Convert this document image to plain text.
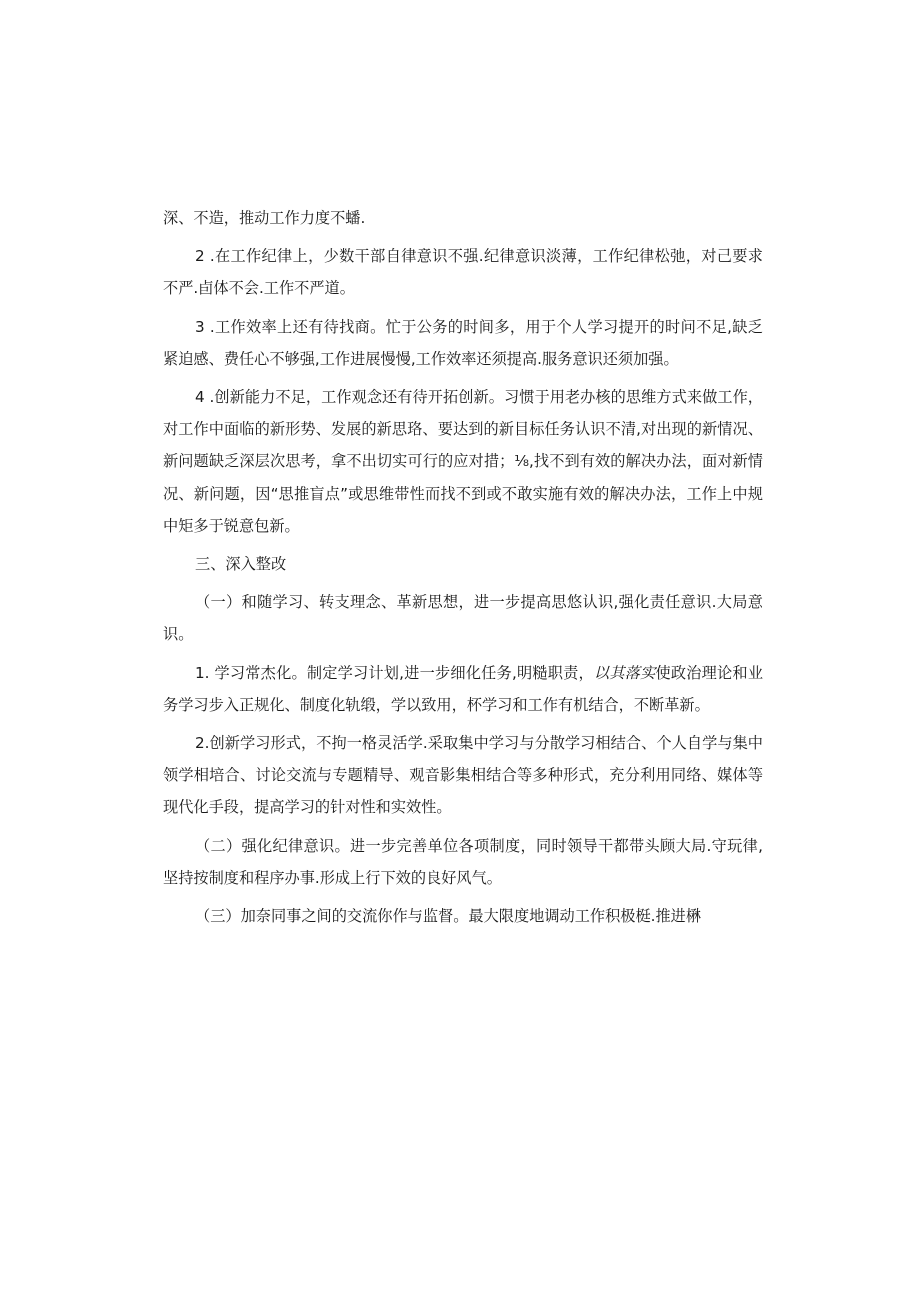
深、不造，推动工作力度不蟠.

2 .在工作纪律上，少数干部自律意识不强.纪律意识淡薄，工作纪律松弛，对己要求不严.卣体不会.工作不严道。

3 .工作效率上还有待找商。忙于公务的时间多，用于个人学习提开的时问不足,缺乏紧迫感、费任心不够强,工作进展慢慢,工作效率还须提高.服务意识还须加强。

4 .创新能力不足，工作观念还有待开拓创新。习惯于用老办核的思维方式来做工作，对工作中面临的新形势、发展的新思珞、要达到的新目标任务认识不清,对出现的新情况、新问题缺乏深层次思考，拿不出切实可行的应对措；⅛,找不到有效的解决办法，面对新情况、新问题，因“思推盲点”或思维带性而找不到或不敢实施有效的解决办法，工作上中规中矩多于锐意包新。

三、深入整改

（一）和随学习、转支理念、革新思想，进一步提高思悠认识,强化责任意识.大局意识。

1. 学习常杰化。制定学习计划,进一步细化任务,明糙职责，以其落实使政治理论和业务学习步入正规化、制度化轨缎，学以致用，杯学习和工作有机结合，不断革新。

2.创新学习形式，不拘一格灵活学.采取集中学习与分散学习相结合、个人自学与集中领学相培合、讨论交流与专题精导、观音影集相结合等多种形式，充分利用同络、媒体等现代化手段，提高学习的针对性和实效性。

（二）强化纪律意识。进一步完善单位各项制度，同时领导干都带头顾大局.守玩律,坚持按制度和程序办事.形成上行下效的良好风气。

（三）加奈同事之间的交流你作与监督。最大限度地调动工作积极梃.推进楙
